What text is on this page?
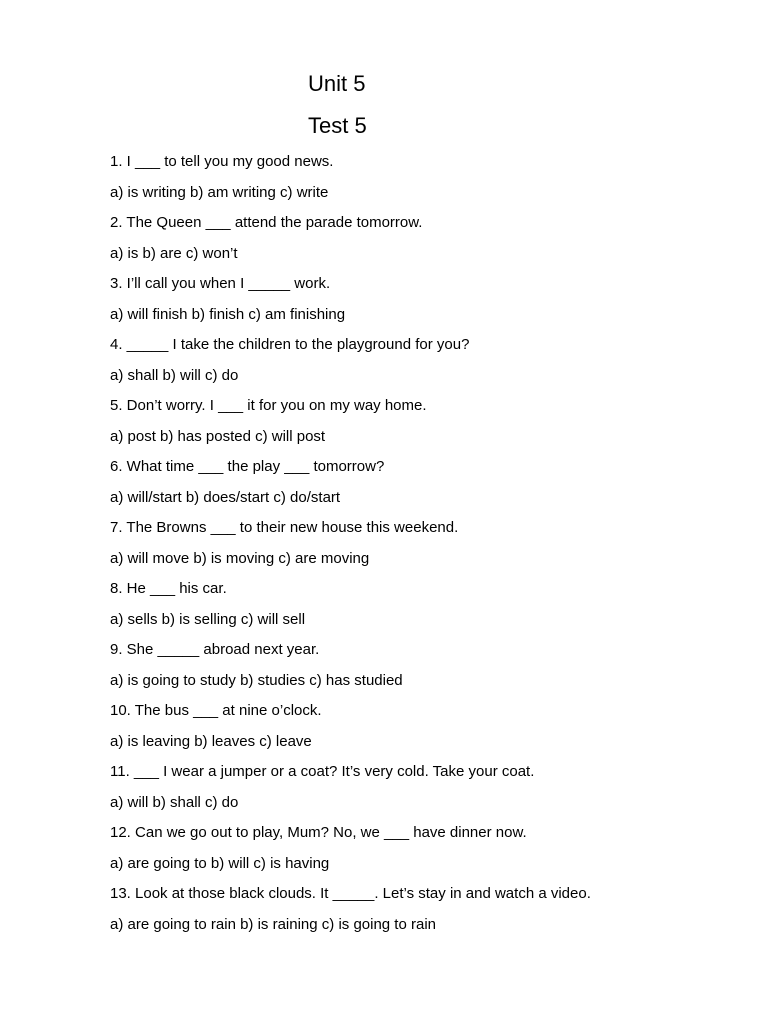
Unit 5
Test 5
1. I ___ to tell you my good news.
a) is writing b) am writing c) write
2. The Queen ___ attend the parade tomorrow.
a) is b) are c) won’t
3. I’ll call you when I _____ work.
a) will finish b) finish c) am finishing
4. _____ I take the children to the playground for you?
a) shall b) will c) do
5. Don’t worry. I ___ it for you on my way home.
a) post b) has posted c) will post
6. What time ___ the play ___ tomorrow?
a) will/start b) does/start c) do/start
7. The Browns ___ to their new house this weekend.
a) will move b) is moving c) are moving
8. He ___ his car.
a) sells b) is selling c) will sell
9. She _____ abroad next year.
a) is going to study b) studies c) has studied
10. The bus ___ at nine o’clock.
a) is leaving b) leaves c) leave
11. ___ I wear a jumper or a coat? It’s very cold. Take your coat.
a) will b) shall c) do
12. Can we go out to play, Mum? No, we ___ have dinner now.
a) are going to b) will c) is having
13. Look at those black clouds. It _____. Let’s stay in and watch a video.
a) are going to rain b) is raining c) is going to rain
